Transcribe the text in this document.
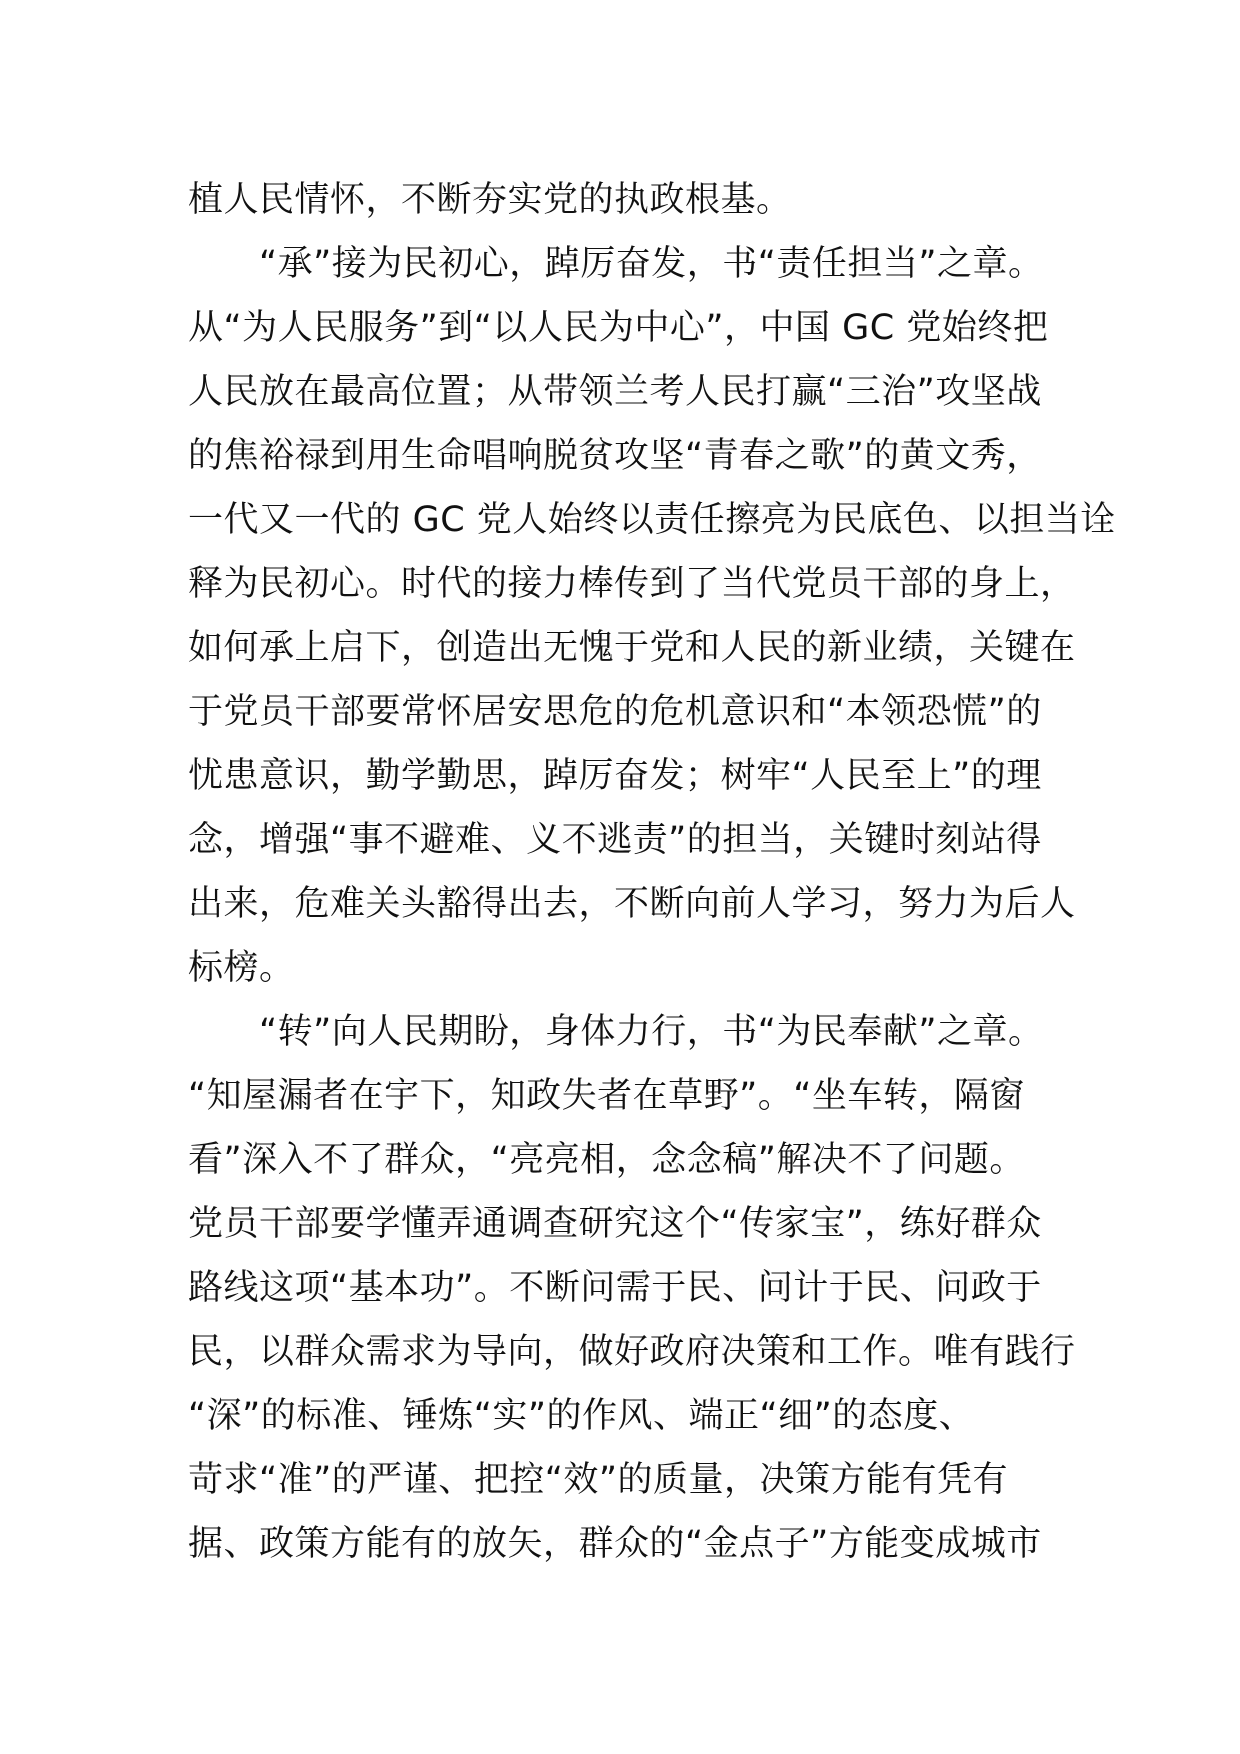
植人民情怀，不断夯实党的执政根基。
“承”接为民初心，踔厉奋发，书“责任担当”之章。
从“为人民服务”到“以人民为中心”，中国 GC 党始终把
人民放在最高位置；从带领兰考人民打赢“三治”攻坚战
的焦裕禄到用生命唱响脱贫攻坚“青春之歌”的黄文秀，
一代又一代的 GC 党人始终以责任擦亮为民底色、以担当诠
释为民初心。时代的接力棒传到了当代党员干部的身上，
如何承上启下，创造出无愧于党和人民的新业绩，关键在
于党员干部要常怀居安思危的危机意识和“本领恐慌”的
忧患意识，勤学勤思，踔厉奋发；树牢“人民至上”的理
念，增强“事不避难、义不逃责”的担当，关键时刻站得
出来，危难关头豁得出去，不断向前人学习，努力为后人
标榜。
“转”向人民期盼，身体力行，书“为民奉献”之章。
“知屋漏者在宇下，知政失者在草野”。“坐车转，隔窗
看”深入不了群众，“亮亮相，念念稿”解决不了问题。
党员干部要学懂弄通调查研究这个“传家宝”，练好群众
路线这项“基本功”。不断问需于民、问计于民、问政于
民，以群众需求为导向，做好政府决策和工作。唯有践行
“深”的标准、锤炼“实”的作风、端正“细”的态度、
苛求“准”的严谨、把控“效”的质量，决策方能有凭有
据、政策方能有的放矢，群众的“金点子”方能变成城市
